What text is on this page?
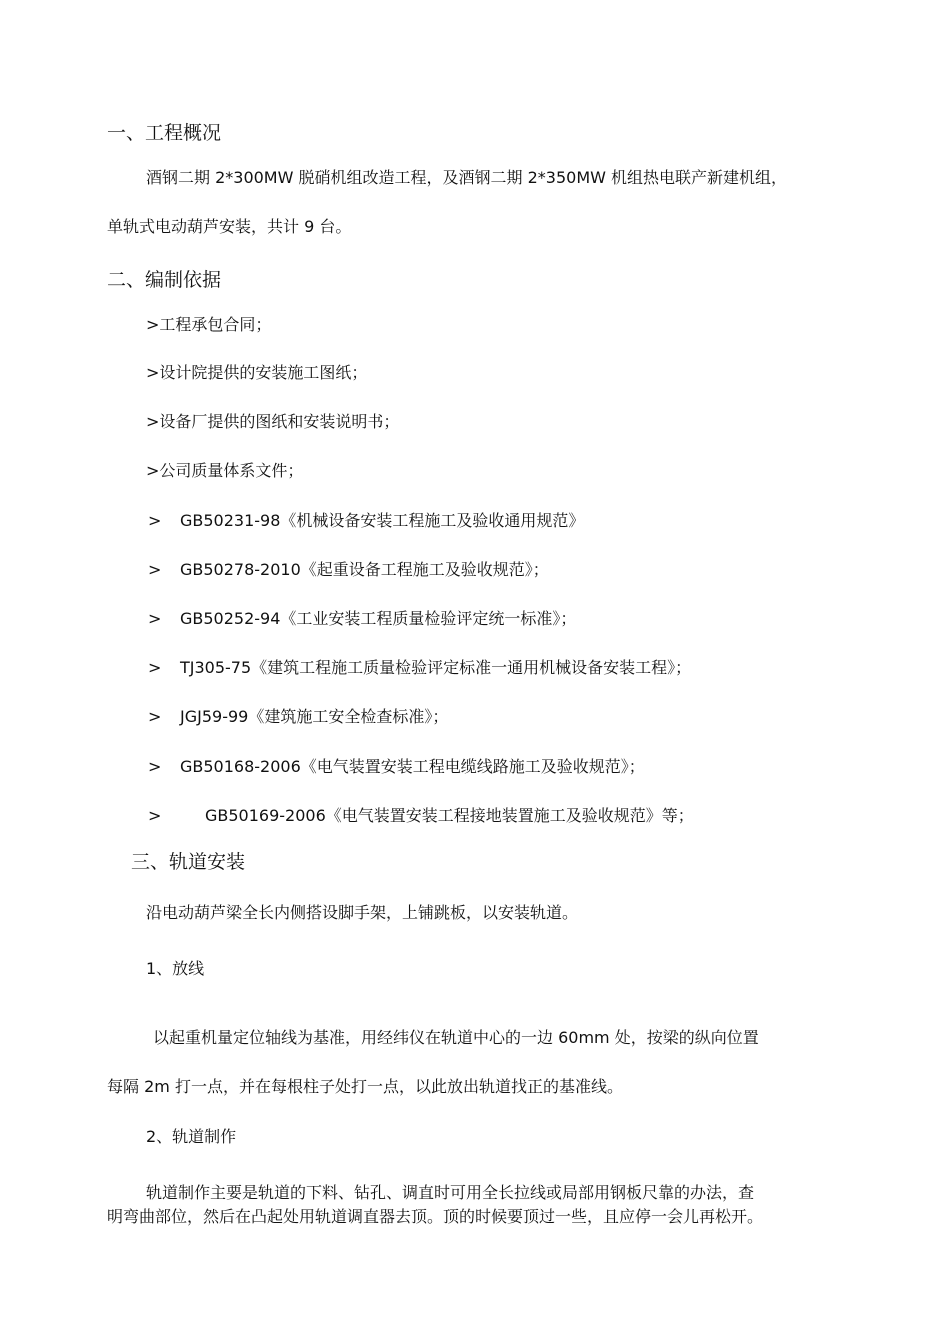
一、工程概况
酒钢二期 2*300MW 脱硝机组改造工程，及酒钢二期 2*350MW 机组热电联产新建机组，
单轨式电动葫芦安装，共计 9 台。
二、编制依据
>工程承包合同；
>设计院提供的安装施工图纸；
>设备厂提供的图纸和安装说明书；
>公司质量体系文件；
> GB50231-98《机械设备安装工程施工及验收通用规范》
> GB50278-2010《起重设备工程施工及验收规范》；
> GB50252-94《工业安装工程质量检验评定统一标准》；
> TJ305-75《建筑工程施工质量检验评定标准一通用机械设备安装工程》；
> JGJ59-99《建筑施工安全检查标准》；
> GB50168-2006《电气装置安装工程电缆线路施工及验收规范》；
>	GB50169-2006《电气装置安装工程接地装置施工及验收规范》等；
三、轨道安装
沿电动葫芦梁全长内侧搭设脚手架，上铺跳板，以安装轨道。
1、放线
以起重机量定位轴线为基准，用经纬仪在轨道中心的一边 60mm 处，按梁的纵向位置
每隔 2m 打一点，并在每根柱子处打一点，以此放出轨道找正的基准线。
2、轨道制作
轨道制作主要是轨道的下料、钻孔、调直时可用全长拉线或局部用钢板尺靠的办法，查
明弯曲部位，然后在凸起处用轨道调直器去顶。顶的时候要顶过一些，且应停一会儿再松开。
